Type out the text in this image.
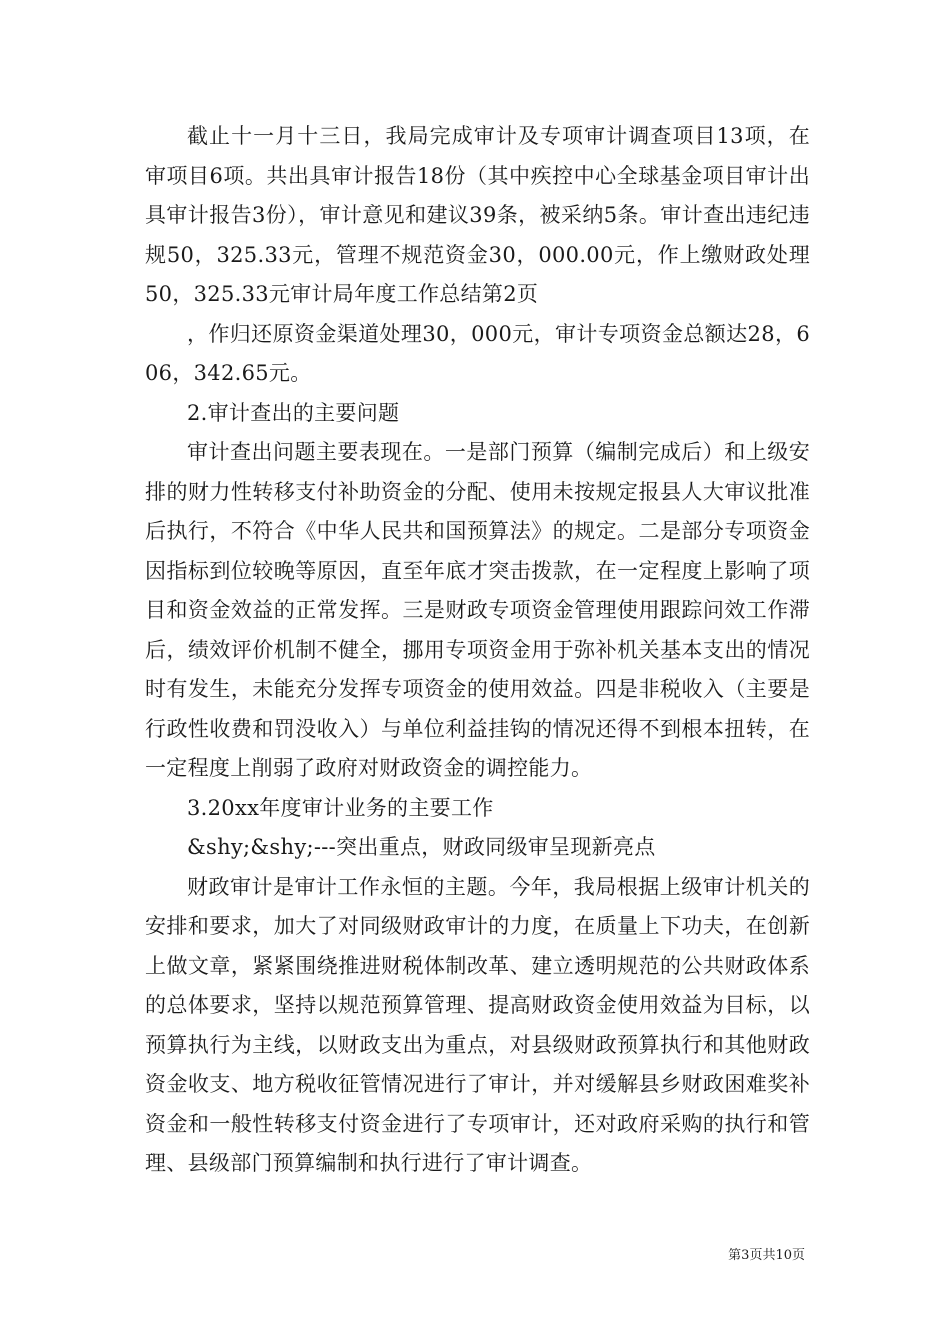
截止十一月十三日，我局完成审计及专项审计调查项目13项，在审项目6项。共出具审计报告18份（其中疾控中心全球基金项目审计出具审计报告3份），审计意见和建议39条，被采纳5条。审计查出违纪违规50，325.33元，管理不规范资金30，000.00元，作上缴财政处理50，325.33元审计局年度工作总结第2页

，作归还原资金渠道处理30，000元，审计专项资金总额达28，606，342.65元。

2.审计查出的主要问题

审计查出问题主要表现在。一是部门预算（编制完成后）和上级安排的财力性转移支付补助资金的分配、使用未按规定报县人大审议批准后执行，不符合《中华人民共和国预算法》的规定。二是部分专项资金因指标到位较晚等原因，直至年底才突击拨款，在一定程度上影响了项目和资金效益的正常发挥。三是财政专项资金管理使用跟踪问效工作滞后，绩效评价机制不健全，挪用专项资金用于弥补机关基本支出的情况时有发生，未能充分发挥专项资金的使用效益。四是非税收入（主要是行政性收费和罚没收入）与单位利益挂钩的情况还得不到根本扭转，在一定程度上削弱了政府对财政资金的调控能力。

3.20xx年度审计业务的主要工作

&shy;&shy;---突出重点，财政同级审呈现新亮点

财政审计是审计工作永恒的主题。今年，我局根据上级审计机关的安排和要求，加大了对同级财政审计的力度，在质量上下功夫，在创新上做文章，紧紧围绕推进财税体制改革、建立透明规范的公共财政体系的总体要求，坚持以规范预算管理、提高财政资金使用效益为目标，以预算执行为主线，以财政支出为重点，对县级财政预算执行和其他财政资金收支、地方税收征管情况进行了审计，并对缓解县乡财政困难奖补资金和一般性转移支付资金进行了专项审计，还对政府采购的执行和管理、县级部门预算编制和执行进行了审计调查。

第3页共10页
